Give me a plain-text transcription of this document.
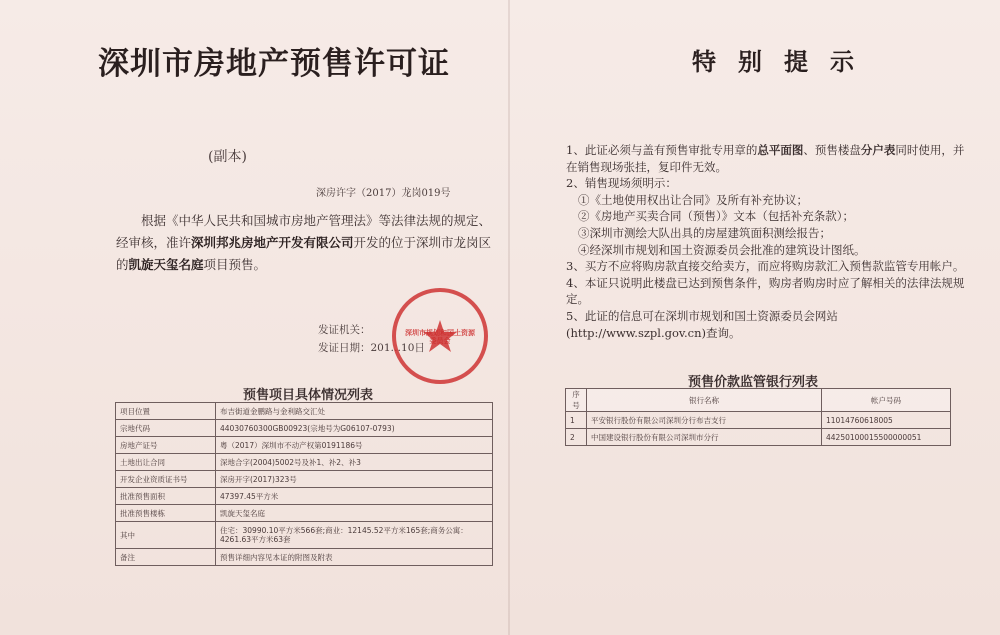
深圳市房地产预售许可证	特别提示
(副本)
深房许字（2017）龙岗019号

根据《中华人民共和国城市房地产管理法》等法律法规的规定、经审核，准许深圳邦兆房地产开发有限公司开发的位于深圳市龙岗区的凯旋天玺名庭项目预售。

发证机关：
发证日期：201…10日
深圳市规划和国土资源委员会
预售项目具体情况列表
项目位置	布吉街道金鹏路与金利路交汇处
宗地代码	44030760300GB00923(宗地号为G06107-0793)
房地产证号	粤（2017）深圳市不动产权第0191186号
土地出让合同	深地合字(2004)5002号及补1、补2、补3
开发企业资质证书号	深房开字(2017)323号
批准预售面积	47397.45平方米
批准预售楼栋	凯旋天玺名庭
其中	住宅：30990.10平方米566套;商业：12145.52平方米165套;商务公寓：4261.63平方米63套
备注	预售详细内容见本证的附图及附表
1、此证必须与盖有预售审批专用章的总平面图、预售楼盘分户表同时使用，并在销售现场张挂，复印件无效。
2、销售现场须明示：
①《土地使用权出让合同》及所有补充协议；
②《房地产买卖合同（预售）》文本（包括补充条款）；
③深圳市测绘大队出具的房屋建筑面积测绘报告；
④经深圳市规划和国土资源委员会批准的建筑设计图纸。
3、买方不应将购房款直接交给卖方，而应将购房款汇入预售款监管专用帐户。
4、本证只说明此楼盘已达到预售条件，购房者购房时应了解相关的法律法规规定。
5、此证的信息可在深圳市规划和国土资源委员会网站(http://www.szpl.gov.cn)查询。
预售价款监管银行列表
序号	银行名称	帐户号码
1	平安银行股份有限公司深圳分行布吉支行	11014760618005
2	中国建设银行股份有限公司深圳市分行	44250100015500000051
